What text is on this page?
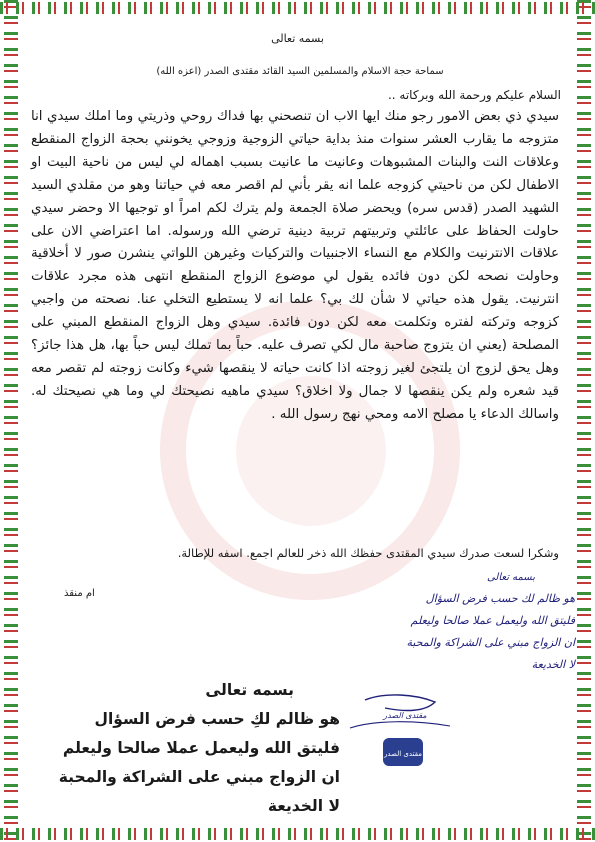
بسمه تعالى
سماحة حجة الاسلام والمسلمين السيد القائد مقتدى الصدر (اعزه الله)
السلام عليكم ورحمة الله وبركاته ..
سيدي ذي بعض الامور رجو منك ايها الاب ان تنصحني بها فداك روحي وذريتي وما املك سيدي انا متزوجه ما يقارب العشر سنوات منذ بداية حياتي الزوجية وزوجي يخونني بحجة الزواج المنقطع وعلاقات النت والبنات المشبوهات وعانيت ما عانيت بسبب اهماله لي ليس من ناحية البيت او الاطفال لكن من ناحيتي كزوجه علما انه يقر بأني لم اقصر معه في حياتنا وهو من مقلدي السيد الشهيد الصدر (قدس سره) ويحضر صلاة الجمعة ولم يترك لكم امراً او توجيها الا وحضر سيدي حاولت الحفاظ على عائلتي وتربيتهم تربية دينية ترضي الله ورسوله. اما اعتراضي الان على علاقات الانترنيت والكلام مع النساء الاجنبيات والتركيات وغيرهن اللواتي ينشرن صور لا أخلاقية وحاولت نصحه لكن دون فائده يقول لي موضوع الزواج المنقطع انتهى هذه مجرد علاقات انترنيت. يقول هذه حياتي لا شأن لك بي؟ علما انه لا يستطيع التخلي عنا. نصحته من واجبي كزوجه وتركته لفتره وتكلمت معه لكن دون فائدة. سيدي وهل الزواج المنقطع المبني على المصلحة (يعني ان يتزوج صاحبة مال لكي تصرف عليه. حباً بما تملك ليس حباً بها، هل هذا جائز؟ وهل يحق لزوج ان يلتجئ لغير زوجته اذا كانت حياته لا ينقصها شيء وكانت زوجته لم تقصر معه قيد شعره ولم يكن ينقصها لا جمال ولا اخلاق؟ سيدي ماهيه نصيحتك لي وما هي نصيحتك له. واسالك الدعاء يا مصلح الامه ومحي نهج رسول الله .
وشكرا لسعت صدرك سيدي المقتدى حفظك الله ذخر للعالم اجمع. اسفه للإطالة.
ام منقذ
بسمه تعالى
هو ظالم لك حسب فرض السؤال
فليتق الله وليعمل عملا صالحا وليعلم
ان الزواج مبني على الشراكة والمحبة
لا الخديعة
مقتدى الصدر
مقتدى الصدر
بسمه تعالى
هو ظالم لكِ حسب فرض السؤال
فليتق الله وليعمل عملا صالحا وليعلم
ان الزواج مبني على الشراكة والمحبة
لا الخديعة
